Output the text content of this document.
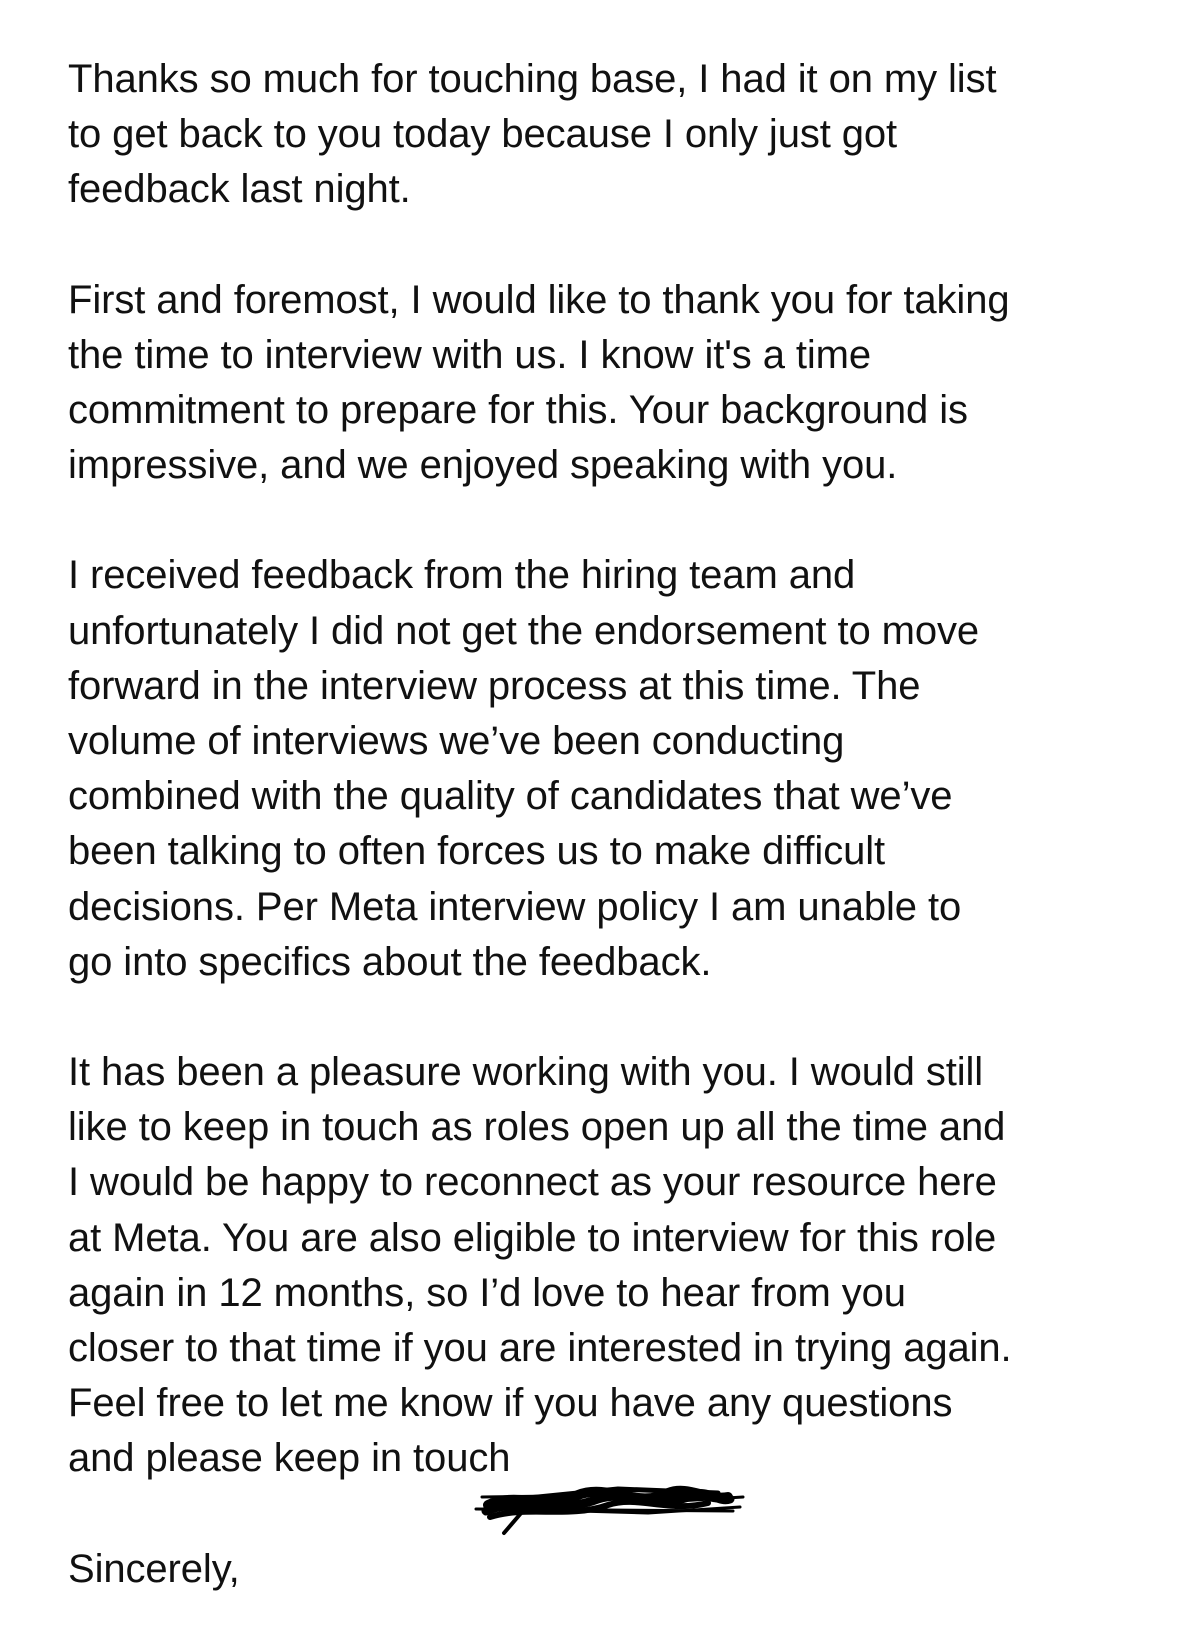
Thanks so much for touching base, I had it on my list
to get back to you today because I only just got
feedback last night.

First and foremost, I would like to thank you for taking
the time to interview with us. I know it's a time
commitment to prepare for this. Your background is
impressive, and we enjoyed speaking with you.

I received feedback from the hiring team and
unfortunately I did not get the endorsement to move
forward in the interview process at this time. The
volume of interviews we’ve been conducting
combined with the quality of candidates that we’ve
been talking to often forces us to make difficult
decisions. Per Meta interview policy I am unable to
go into specifics about the feedback.

It has been a pleasure working with you. I would still
like to keep in touch as roles open up all the time and
I would be happy to reconnect as your resource here
at Meta. You are also eligible to interview for this role
again in 12 months, so I’d love to hear from you
closer to that time if you are interested in trying again.
Feel free to let me know if you have any questions
and please keep in touch

Sincerely,
